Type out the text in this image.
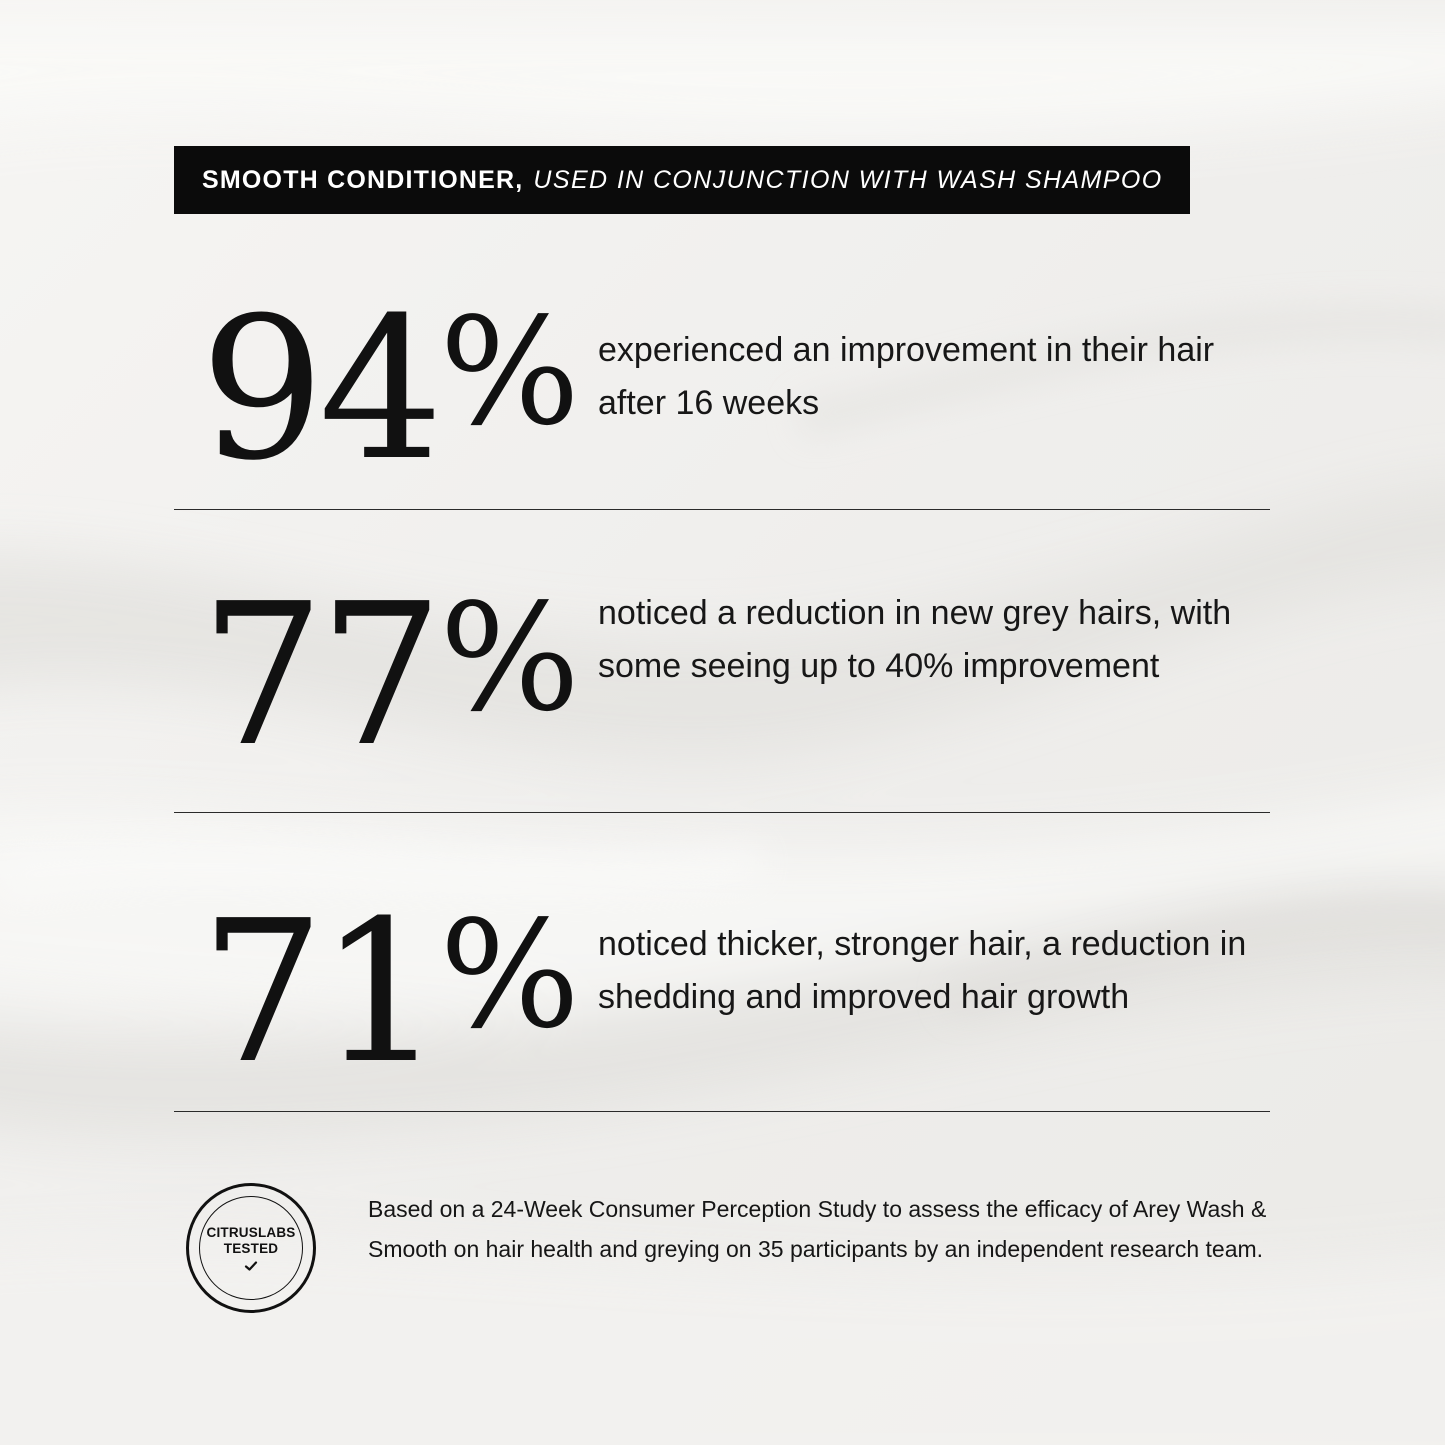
SMOOTH CONDITIONER, USED IN CONJUNCTION WITH WASH SHAMPOO
94% experienced an improvement in their hair after 16 weeks
77% noticed a reduction in new grey hairs, with some seeing up to 40% improvement
71% noticed thicker, stronger hair, a reduction in shedding and improved hair growth
CITRUSLABS
TESTED
Based on a 24-Week Consumer Perception Study to assess the efficacy of Arey Wash & Smooth on hair health and greying on 35 participants by an independent research team.
